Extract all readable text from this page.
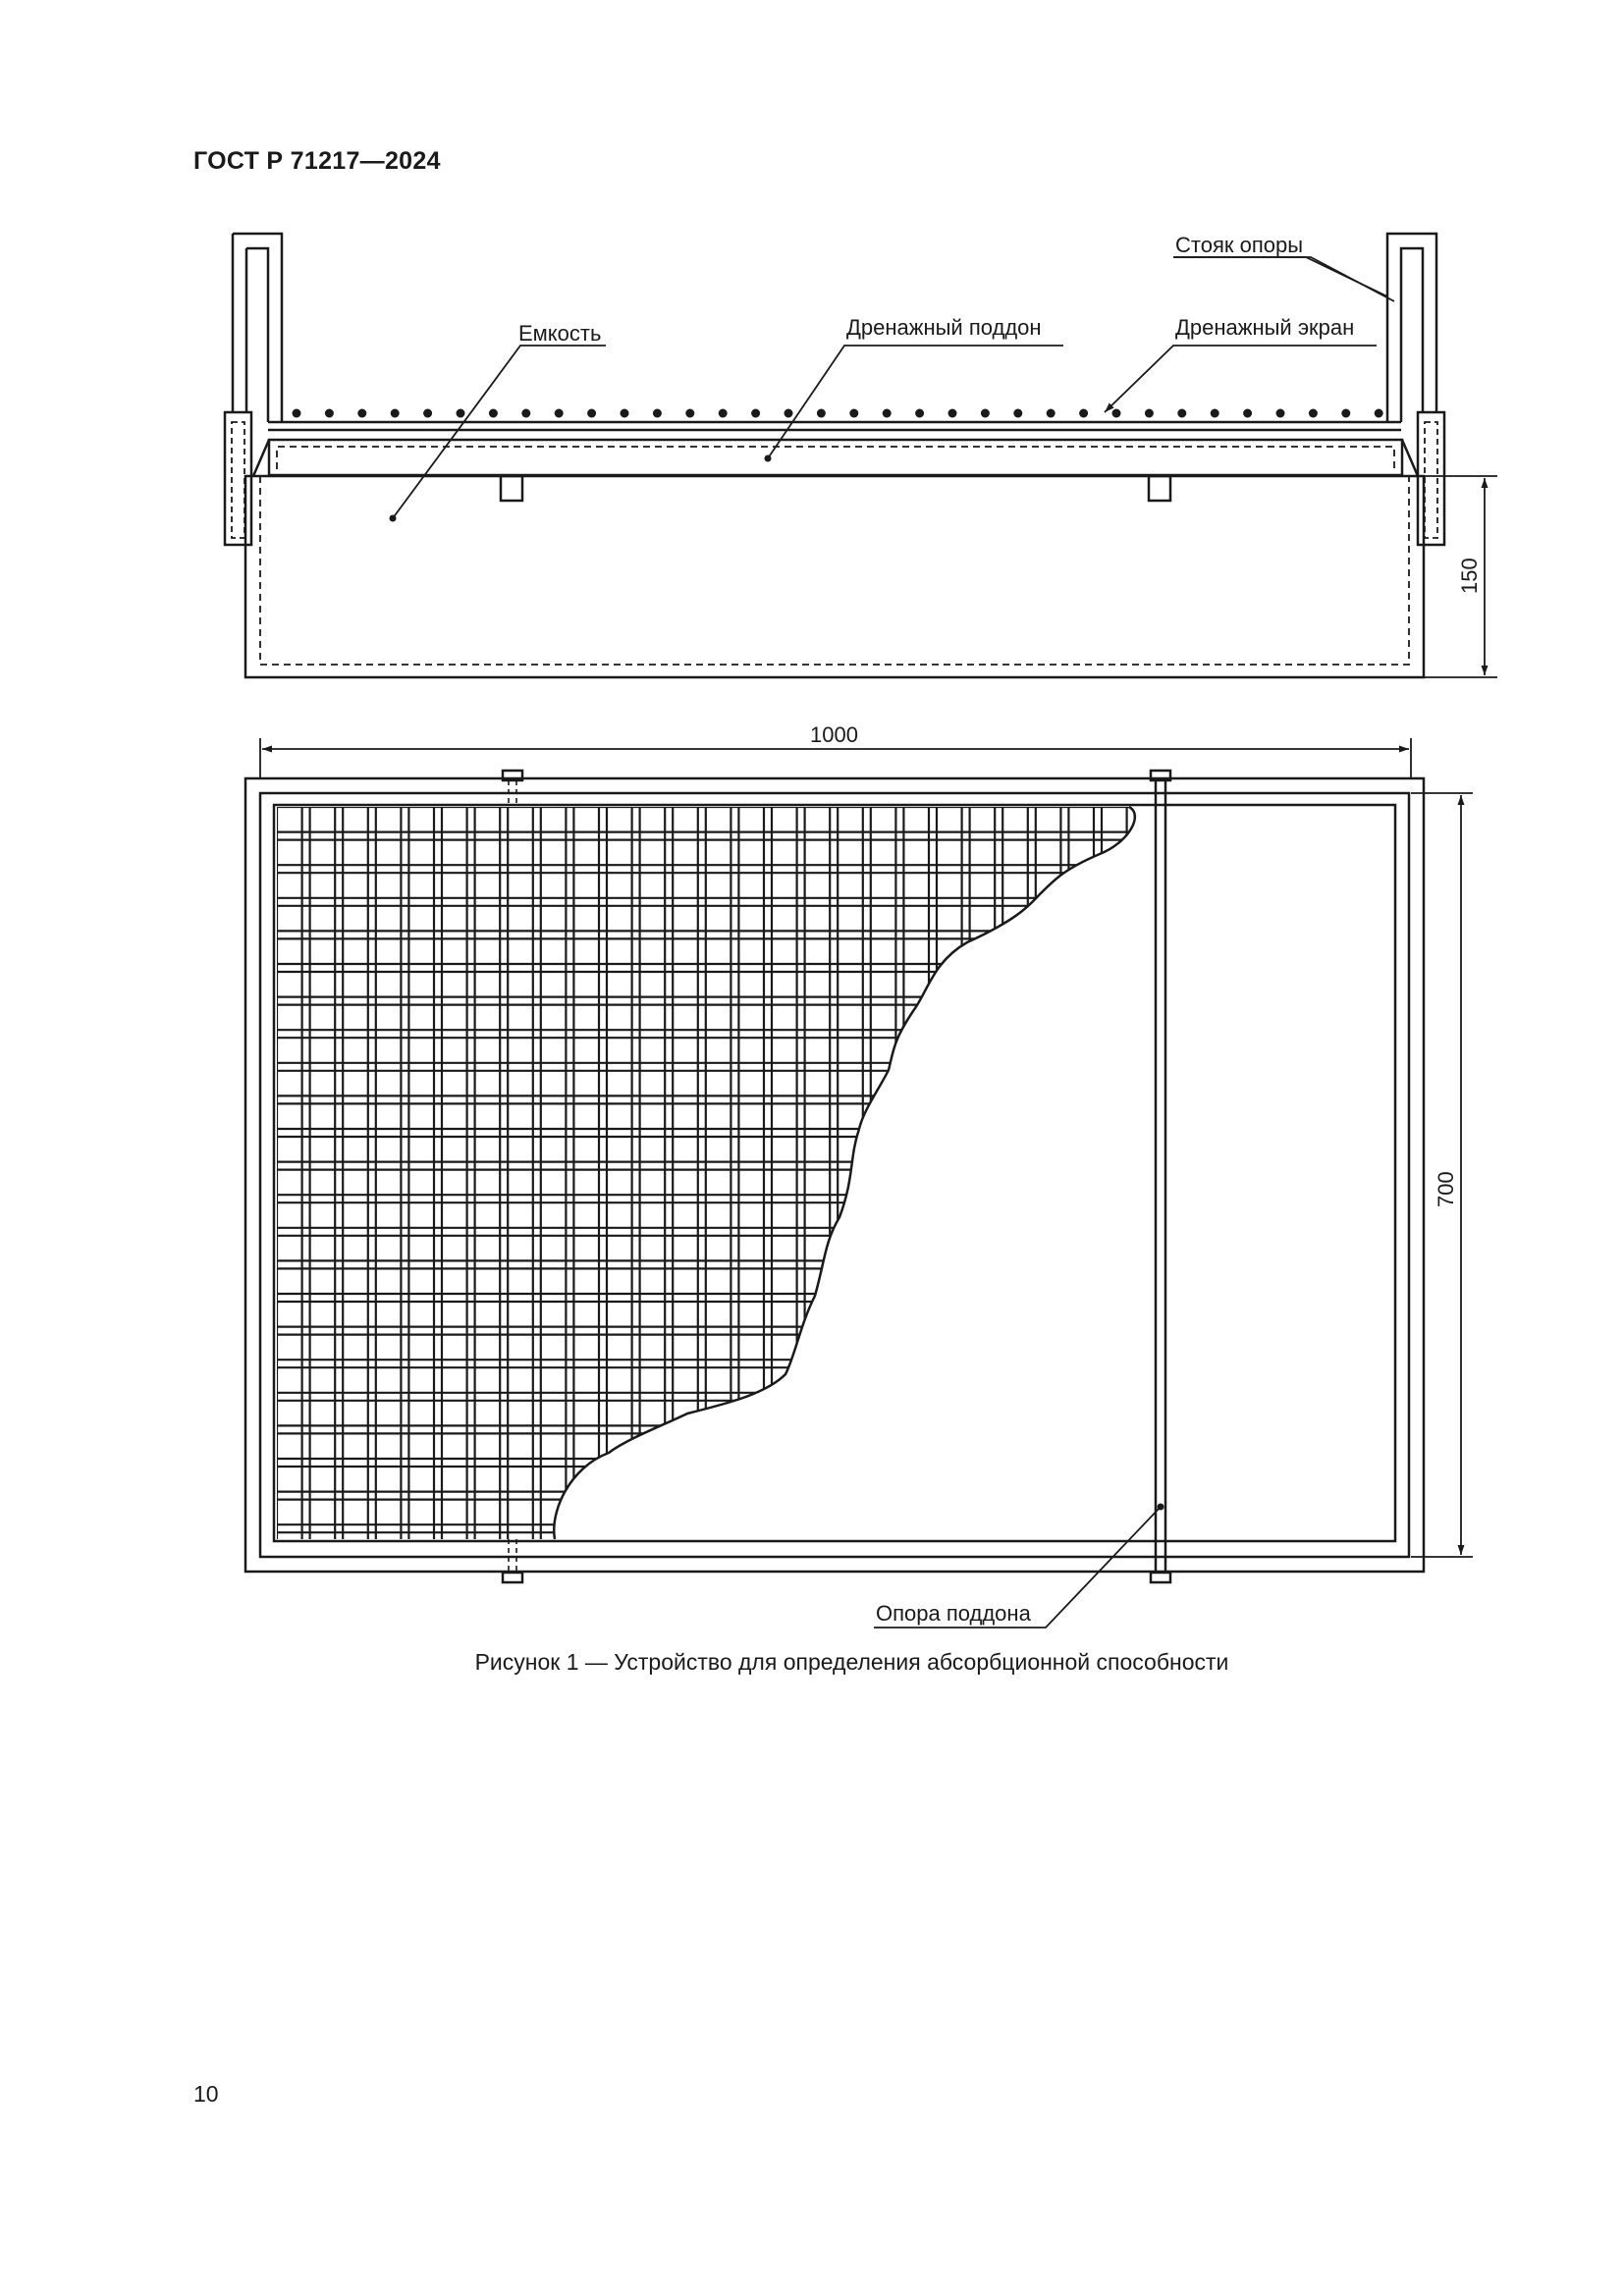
ГОСТ Р 71217—2024
Стояк опоры
Емкость	Дренажный поддон	Дренажный экран
150
1000
700
Опора поддона
Рисунок 1 — Устройство для определения абсорбционной способности
10
